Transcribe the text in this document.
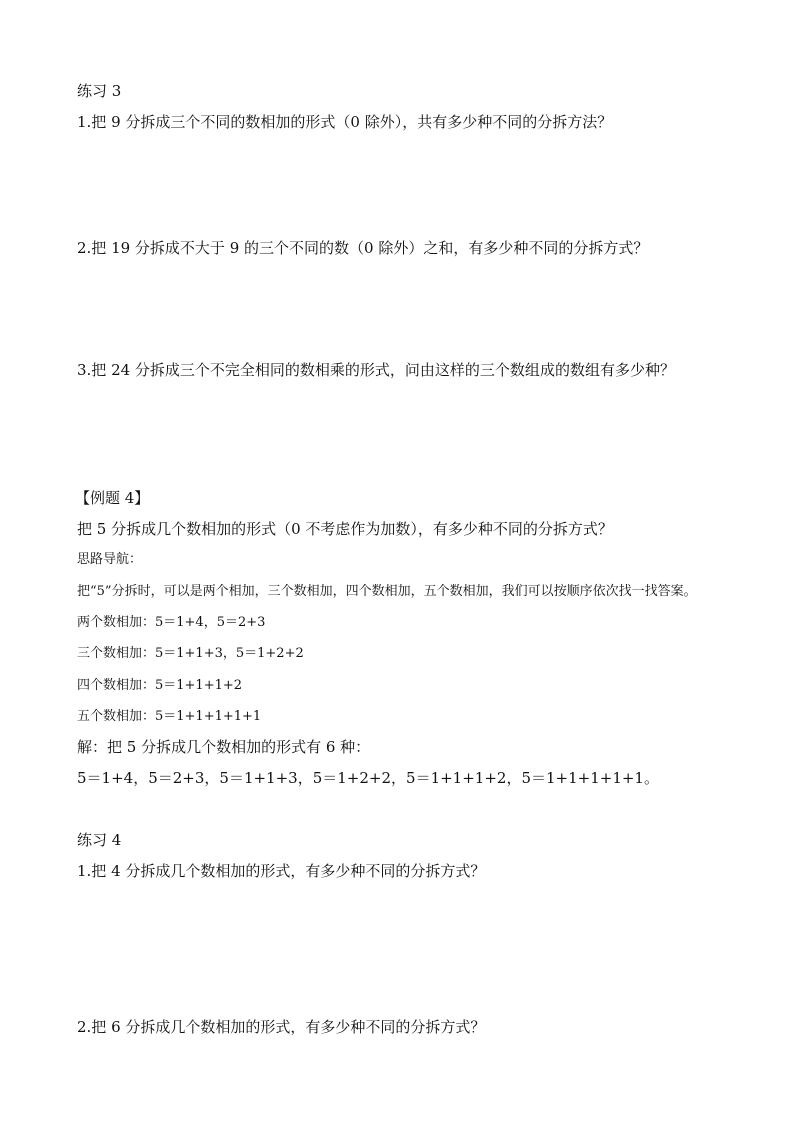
练习 3
1.把 9 分拆成三个不同的数相加的形式（0 除外），共有多少种不同的分拆方法？
2.把 19 分拆成不大于 9 的三个不同的数（0 除外）之和，有多少种不同的分拆方式？
3.把 24 分拆成三个不完全相同的数相乘的形式，问由这样的三个数组成的数组有多少种？
【例题 4】
把 5 分拆成几个数相加的形式（0 不考虑作为加数），有多少种不同的分拆方式？
思路导航：
把“5”分拆时，可以是两个相加，三个数相加，四个数相加，五个数相加，我们可以按顺序依次找一找答案。
两个数相加：5＝1+4，5＝2+3
三个数相加：5＝1+1+3，5＝1+2+2
四个数相加：5＝1+1+1+2
五个数相加：5＝1+1+1+1+1
解：把 5 分拆成几个数相加的形式有 6 种：
5＝1+4，5＝2+3，5＝1+1+3，5＝1+2+2，5＝1+1+1+2，5＝1+1+1+1+1。
练习 4
1.把 4 分拆成几个数相加的形式，有多少种不同的分拆方式？
2.把 6 分拆成几个数相加的形式，有多少种不同的分拆方式？
